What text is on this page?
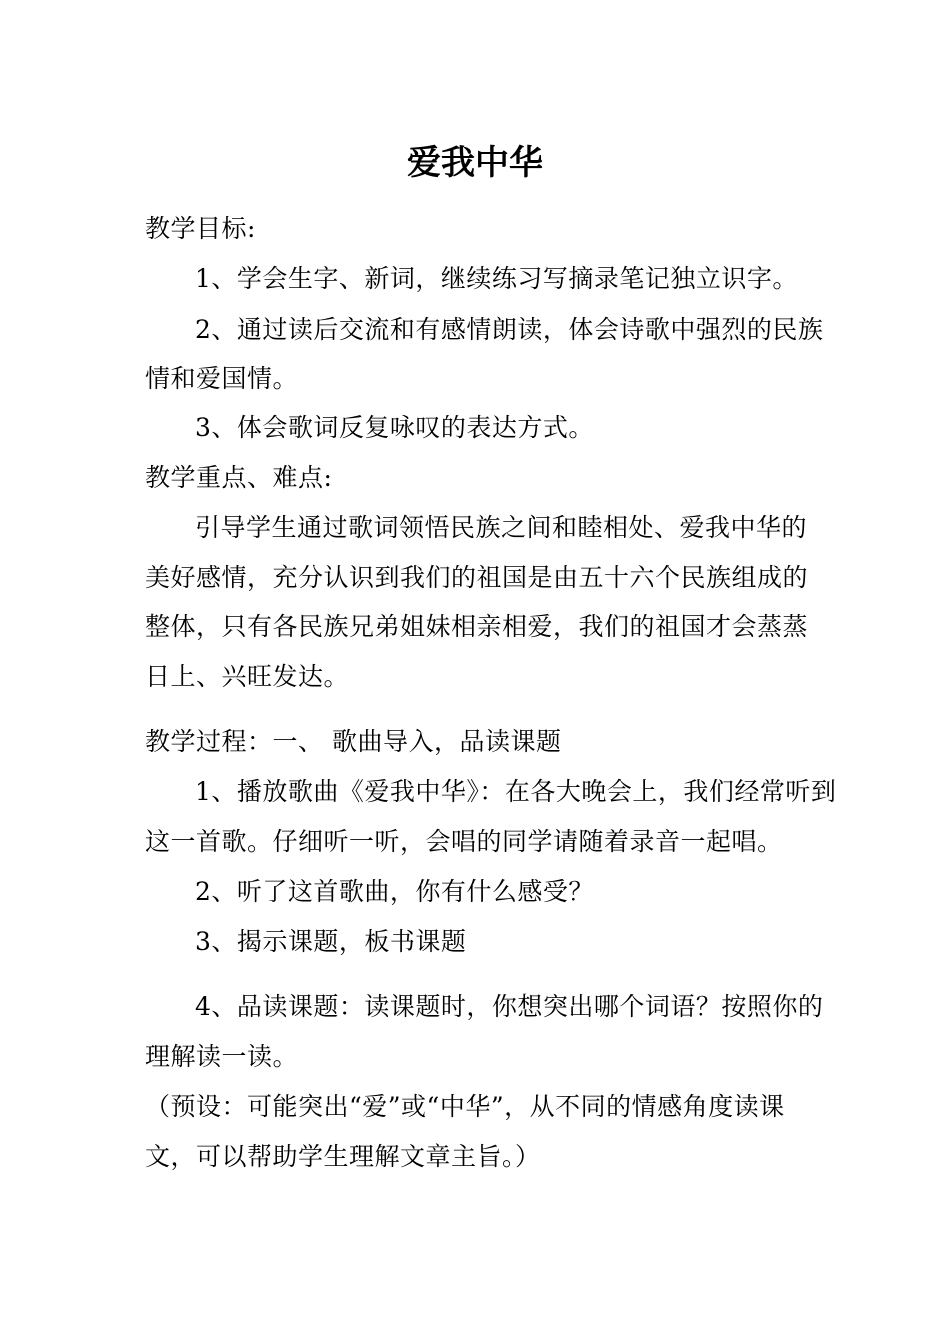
爱我中华
教学目标:
1、学会生字、新词，继续练习写摘录笔记独立识字。
2、通过读后交流和有感情朗读，体会诗歌中强烈的民族
情和爱国情。
3、体会歌词反复咏叹的表达方式。
教学重点、难点:
引导学生通过歌词领悟民族之间和睦相处、爱我中华的
美好感情，充分认识到我们的祖国是由五十六个民族组成的
整体，只有各民族兄弟姐妹相亲相爱，我们的祖国才会蒸蒸
日上、兴旺发达。
教学过程：一、 歌曲导入，品读课题
1、播放歌曲《爱我中华》：在各大晚会上，我们经常听到
这一首歌。仔细听一听，会唱的同学请随着录音一起唱。
2、听了这首歌曲，你有什么感受？
3、揭示课题，板书课题
4、品读课题：读课题时，你想突出哪个词语？按照你的
理解读一读。
（预设：可能突出“爱”或“中华”，从不同的情感角度读课
文，可以帮助学生理解文章主旨。）
